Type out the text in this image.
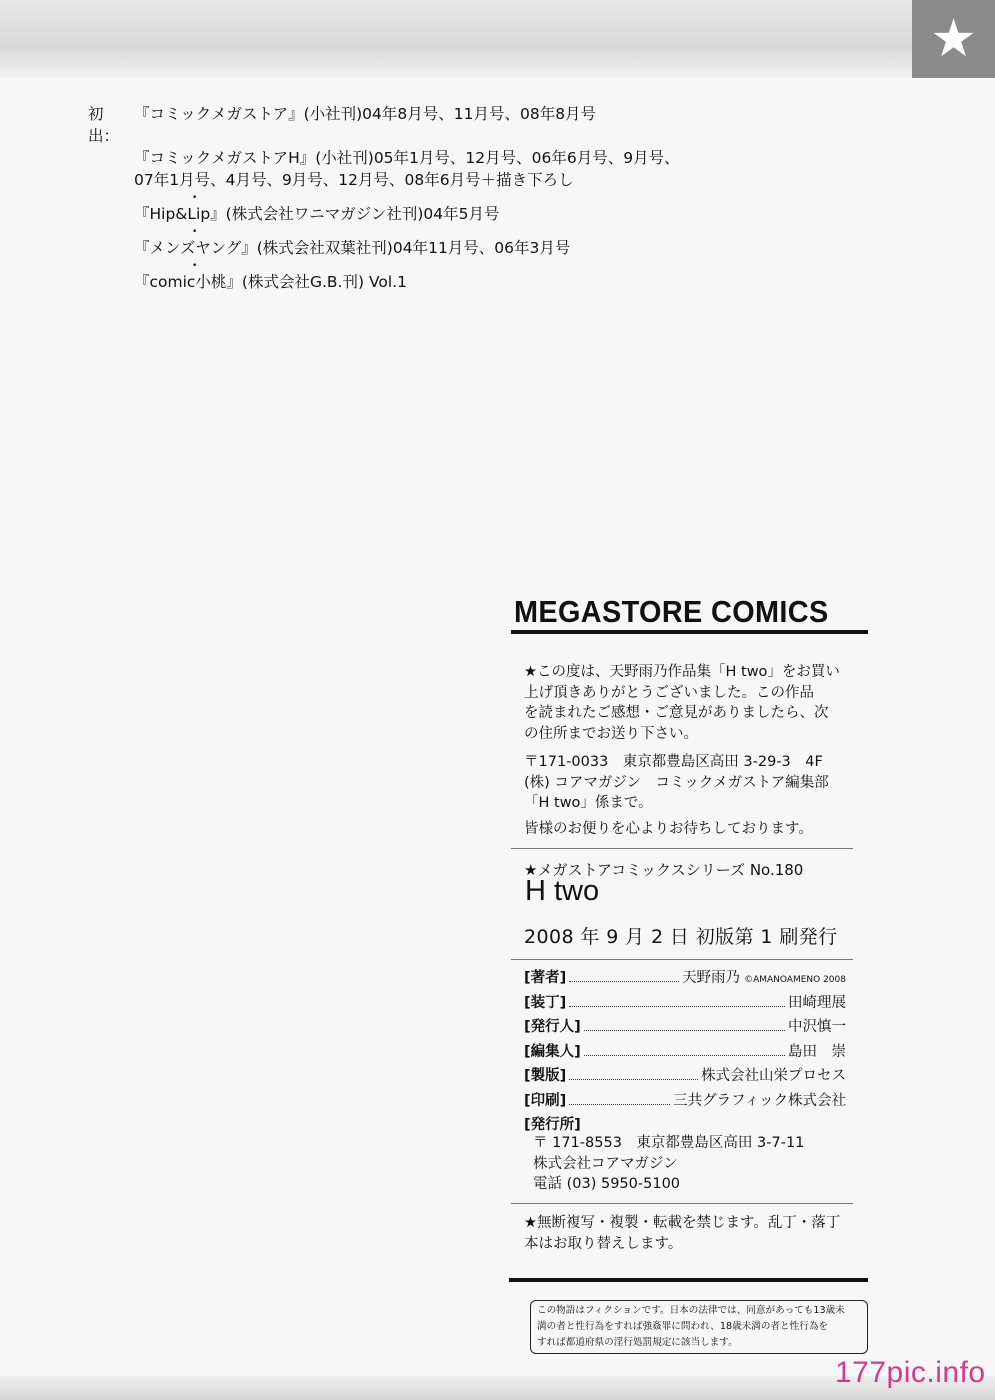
★
初出：
『コミックメガストア』(小社刊)04年8月号、11月号、08年8月号
『コミックメガストアH』(小社刊)05年1月号、12月号、06年6月号、9月号、
07年1月号、4月号、9月号、12月号、08年6月号＋描き下ろし
• 『Hip&Lip』(株式会社ワニマガジン社刊)04年5月号
• 『メンズヤング』(株式会社双葉社刊)04年11月号、06年3月号
• 『comic小桃』(株式会社G.B.刊) Vol.1
MEGASTORE COMICS
★この度は、天野雨乃作品集「H two」をお買い
上げ頂きありがとうございました。この作品
を読まれたご感想・ご意見がありましたら、次
の住所までお送り下さい。
〒171-0033　東京都豊島区高田 3-29-3　4F
(株) コアマガジン　コミックメガストア編集部
「H two」係まで。
皆様のお便りを心よりお待ちしております。
★メガストアコミックスシリーズ No.180
H two
2008 年 9 月 2 日 初版第 1 刷発行
[著者]	天野雨乃 ©AMANOAMENO 2008
[装丁]	田崎理展
[発行人]	中沢慎一
[編集人]	島田　崇
[製版]	株式会社山栄プロセス
[印刷]	三共グラフィック株式会社
[発行所]
〒 171-8553　東京都豊島区高田 3-7-11
株式会社コアマガジン
電話 (03) 5950-5100
★無断複写・複製・転載を禁じます。乱丁・落丁
本はお取り替えします。
この物語はフィクションです。日本の法律では、同意があっても13歳未
満の者と性行為をすれば強姦罪に問われ、18歳未満の者と性行為を
すれば都道府県の淫行処罰規定に該当します。
177pic.info
